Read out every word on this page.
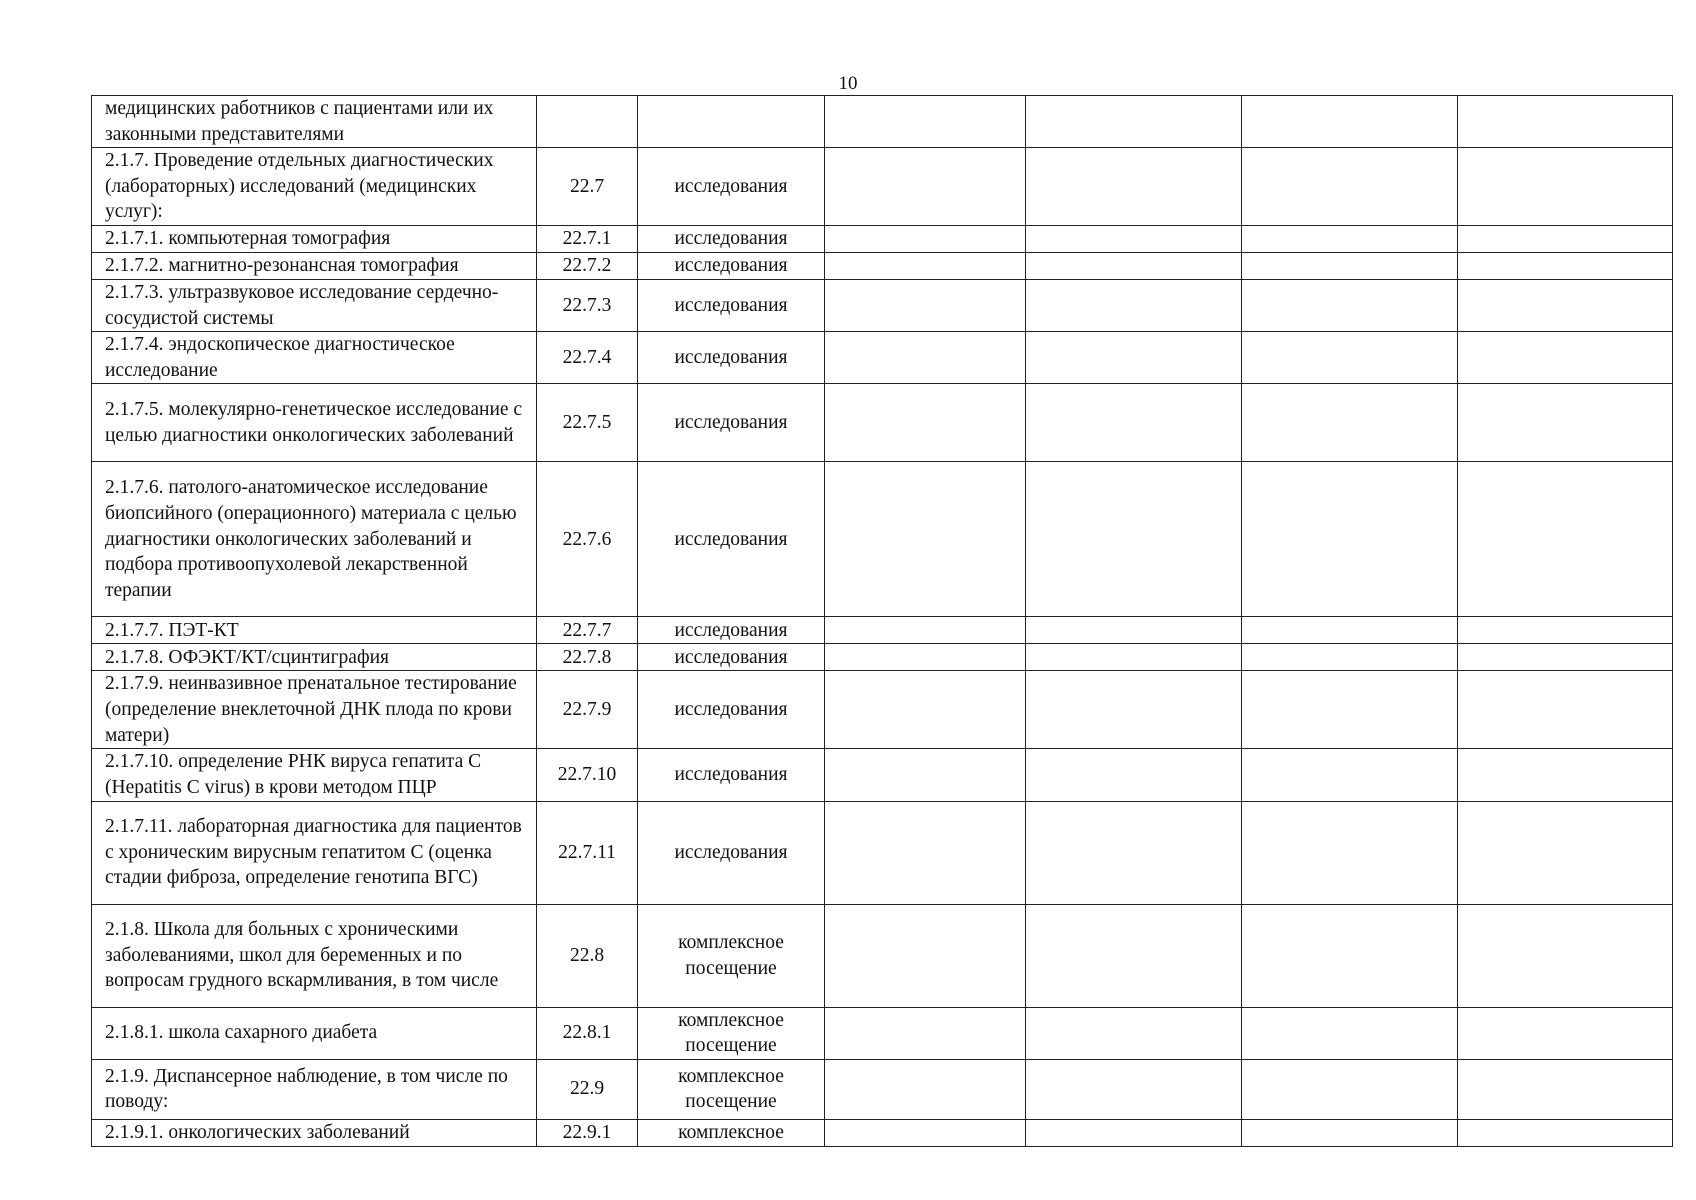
10
медицинских работников с пациентами или их законными представителями						
2.1.7. Проведение отдельных диагностических (лабораторных) исследований (медицинских услуг):	22.7	исследования				
2.1.7.1. компьютерная томография	22.7.1	исследования				
2.1.7.2. магнитно-резонансная томография	22.7.2	исследования				
2.1.7.3. ультразвуковое исследование сердечно-сосудистой системы	22.7.3	исследования				
2.1.7.4. эндоскопическое диагностическое исследование	22.7.4	исследования				
2.1.7.5. молекулярно-генетическое исследование с целью диагностики онкологических заболеваний	22.7.5	исследования				
2.1.7.6. патолого-анатомическое исследование биопсийного (операционного) материала с целью диагностики онкологических заболеваний и подбора противоопухолевой лекарственной терапии	22.7.6	исследования				
2.1.7.7. ПЭТ-КТ	22.7.7	исследования				
2.1.7.8. ОФЭКТ/КТ/сцинтиграфия	22.7.8	исследования				
2.1.7.9. неинвазивное пренатальное тестирование (определение внеклеточной ДНК плода по крови матери)	22.7.9	исследования				
2.1.7.10. определение РНК вируса гепатита C (Hepatitis C virus) в крови методом ПЦР	22.7.10	исследования				
2.1.7.11. лабораторная диагностика для пациентов с хроническим вирусным гепатитом C (оценка стадии фиброза, определение генотипа ВГС)	22.7.11	исследования				
2.1.8. Школа для больных с хроническими заболеваниями, школ для беременных и по вопросам грудного вскармливания, в том числе	22.8	комплексное посещение				
2.1.8.1. школа сахарного диабета	22.8.1	комплексное посещение				
2.1.9. Диспансерное наблюдение, в том числе по поводу:	22.9	комплексное посещение				
2.1.9.1. онкологических заболеваний	22.9.1	комплексное				
